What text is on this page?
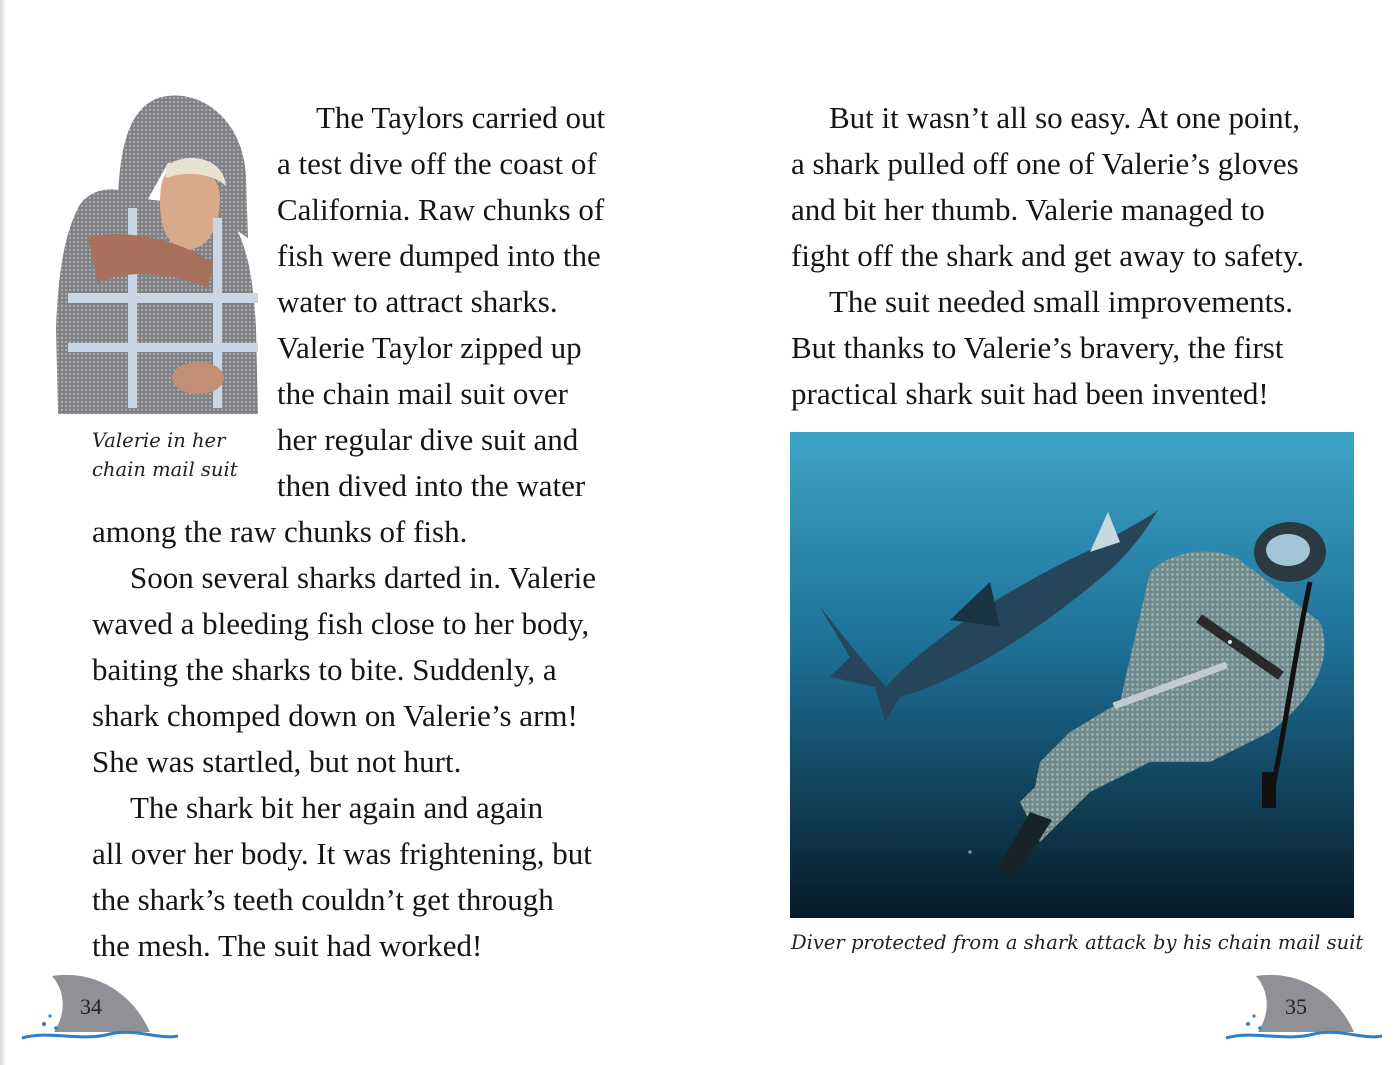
Valerie in her
chain mail suit
The Taylors carried out
a test dive off the coast of
California. Raw chunks of
fish were dumped into the
water to attract sharks.
Valerie Taylor zipped up
the chain mail suit over
her regular dive suit and
then dived into the water
among the raw chunks of fish.
Soon several sharks darted in. Valerie
waved a bleeding fish close to her body,
baiting the sharks to bite. Suddenly, a
shark chomped down on Valerie’s arm!
She was startled, but not hurt.
The shark bit her again and again
all over her body. It was frightening, but
the shark’s teeth couldn’t get through
the mesh. The suit had worked!
34
But it wasn’t all so easy. At one point,
a shark pulled off one of Valerie’s gloves
and bit her thumb. Valerie managed to
fight off the shark and get away to safety.
The suit needed small improvements.
But thanks to Valerie’s bravery, the first
practical shark suit had been invented!
Diver protected from a shark attack by his chain mail suit
35
